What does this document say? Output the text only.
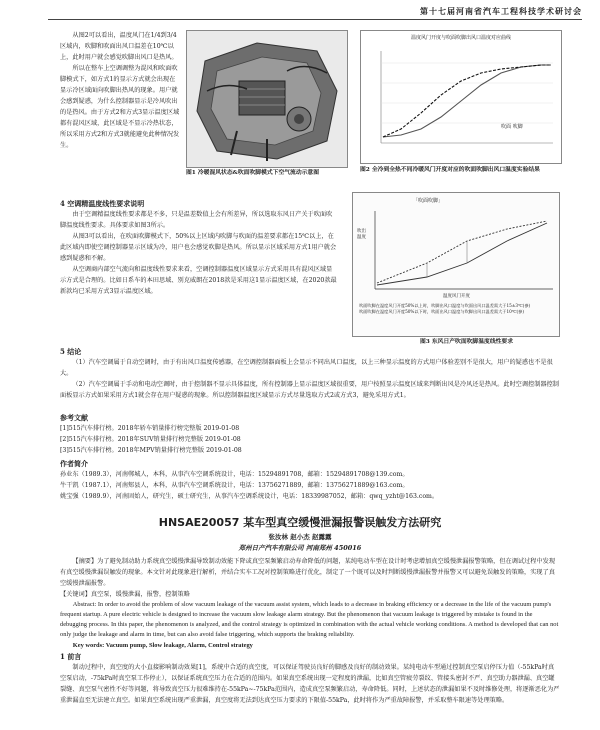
第十七届河南省汽车工程科技学术研讨会

从图2可以看出，温度风门在1/4到3/4区域内，吹脚和吹面出风口温差在10℃以上，此时用户就会感觉吹脚出风口是热风。

所以在整车上空调调整为混风和吹面吹脚模式下，如方式1的显示方式就会出现在显示冷区域面向吹脚出热风的现象。用户就会感到疑惑，为什么控制器显示是冷风吹出的是热风。由于方式2和方式3显示温度区域都有混风区域，此区域是不显示冷热状态，所以采用方式2和方式3就能避免此种情况发生。

图1 冷暖混风状态&吹面吹脚模式下空气流动示意图
温度风门开度与吹面吹脚出风口温度对应曲线
吹面 吹脚
图2 全冷到全热不同冷暖风门开度对应的吹面吹脚出风口温度实验结果

4 空调精温度线性要求说明

由于空调精温度线性要求都是不多，只是温差数值上会有所差异，所以选取东风日产关于吹面吹脚温度线性要求。具体要求如图3所示。

从图3可以看出，在吹面吹脚模式下，50%以上区域内吹脚与吹面的温差要求都在15℃以上，在此区域内即使空调控制器显示区域为冷，用户也会感觉吹脚是热风。所以显示区域采用方式1用户就会感到疑惑和不解。

从空调商内部空气流向和温度线性要求来看，空调控制器温度区域显示方式采用具有混风区域显示方式是合理的。比如日系车的本田思域、别克威朗在2018款是采用这1显示温度区域，在2020款最新款均已采用方式3显示温度区域。

「吹面吹脚」
吹出温度
温度风门开度
吹面吹脚在温度风门开度50%以上时，吹脚出风口温度与吹面出风口温差需大于15±3℃(参)
吹面吹脚在温度风门开度50%以下时，吹面出风口温度与吹脚出风口温差需大于10℃(参)
图3 东风日产吹面吹脚温度线性要求

5 结论

（1）汽车空调属于自动空调时，由于有出风口温度传感器，在空调控制器面板上会显示不同出风口温度，以上三种显示温度的方式用户体验差别不是很大，用户的疑惑也不是很大。

（2）汽车空调属于手动和电动空调时，由于控制器不显示具体温度，所有控制器上显示温度区域很重要，用户按照显示温度区域来判断出风是冷风还是热风。此时空调控制器控制面板显示方式如果采用方式1就会存在用户疑惑的现象。所以控制器温度区域显示方式尽量选取方式2或方式3，避免采用方式1。

参考文献

[1]515汽车排行榜。2018年轿车销量排行榜完整版 2019-01-08

[2]515汽车排行榜。2018年SUV销量排行榜完整版 2019-01-08

[3]515汽车排行榜。2018年MPV销量排行榜完整版 2019-01-08

作者简介

孙业东（1989.3），河南郸城人，本科，从事汽车空调系统设计，电话：15294891708，邮箱：15294891708@139.com。

牛干凯（1987.1），河南郏县人，本科，从事汽车空调系统设计，电话：13756271889，邮箱：13756271889@163.com。

姚宝强（1989.9），河南固始人，研究生，硕士研究生，从事汽车空调系统设计，电话：18339987052，邮箱：qwq_yzht@163.com。

HNSAE20057 某车型真空缓慢泄漏报警误触发方法研究
张汝林 赵小杰 赵露露
郑州日产汽车有限公司 河南郑州 450016

【摘要】为了避免制动助力系统真空缓慢泄漏导致制动效能下降或真空泵频繁启动寿命降低的问题，某纯电动车型在设计时考虑增加真空缓慢泄漏报警策略，但在调试过程中发现有真空缓慢泄漏误触发的现象。本文针对此现象进行解析，并结合实车工况对控制策略进行优化，制定了一个既可以及时判断缓慢泄漏报警并报警又可以避免误触发的策略，实现了真空缓慢泄漏报警。

【关键词】真空泵，缓慢泄漏，报警，控制策略

Abstract: In order to avoid the problem of slow vacuum leakage of the vacuum assist system, which leads to a decrease in braking efficiency or a decrease in the life of the vacuum pump's frequent startup. A pure electric vehicle is designed to increase the vacuum slow leakage alarm strategy. But the phenomenon that vacuum leakage is triggered by mistake is found in the debugging process. In this paper, the phenomenon is analyzed, and the control strategy is optimized in combination with the actual vehicle working conditions. A method is developed that can not only judge the leakage and alarm in time, but can also avoid false triggering, which supports the braking reliability.

Key words: Vacuum pump, Slow leakage, Alarm, Control strategy

1 前言

制动过程中，真空度的大小直接影响制动效果[1]，系统中合适的真空度，可以保证驾驶员良好的脚感及良好的制动效果。某纯电动车型通过控制真空泵启停压力值（-55kPa时真空泵启动，-75kPa时真空泵工作停止），以保证系统真空压力在合适的范围内。如果真空系统出现一定程度的泄漏，比如真空管疲劳裂纹、管接头密封不严、真空助力器泄漏、真空罐裂缝、真空泵气密性不好等问题，将导致真空压力很难维持在-55kPa~-75kPa范围内，造成真空泵频繁启动，寿命降低。同时，上述状态的泄漏如果不及时维修处理，将逐渐恶化为严重泄漏直至无法建立真空。如果真空系统出现严重泄漏，真空度将无法到达真空压力要求的下限值-55kPa，此时将作为严重故障报警，并采取整车限速等处理策略。
